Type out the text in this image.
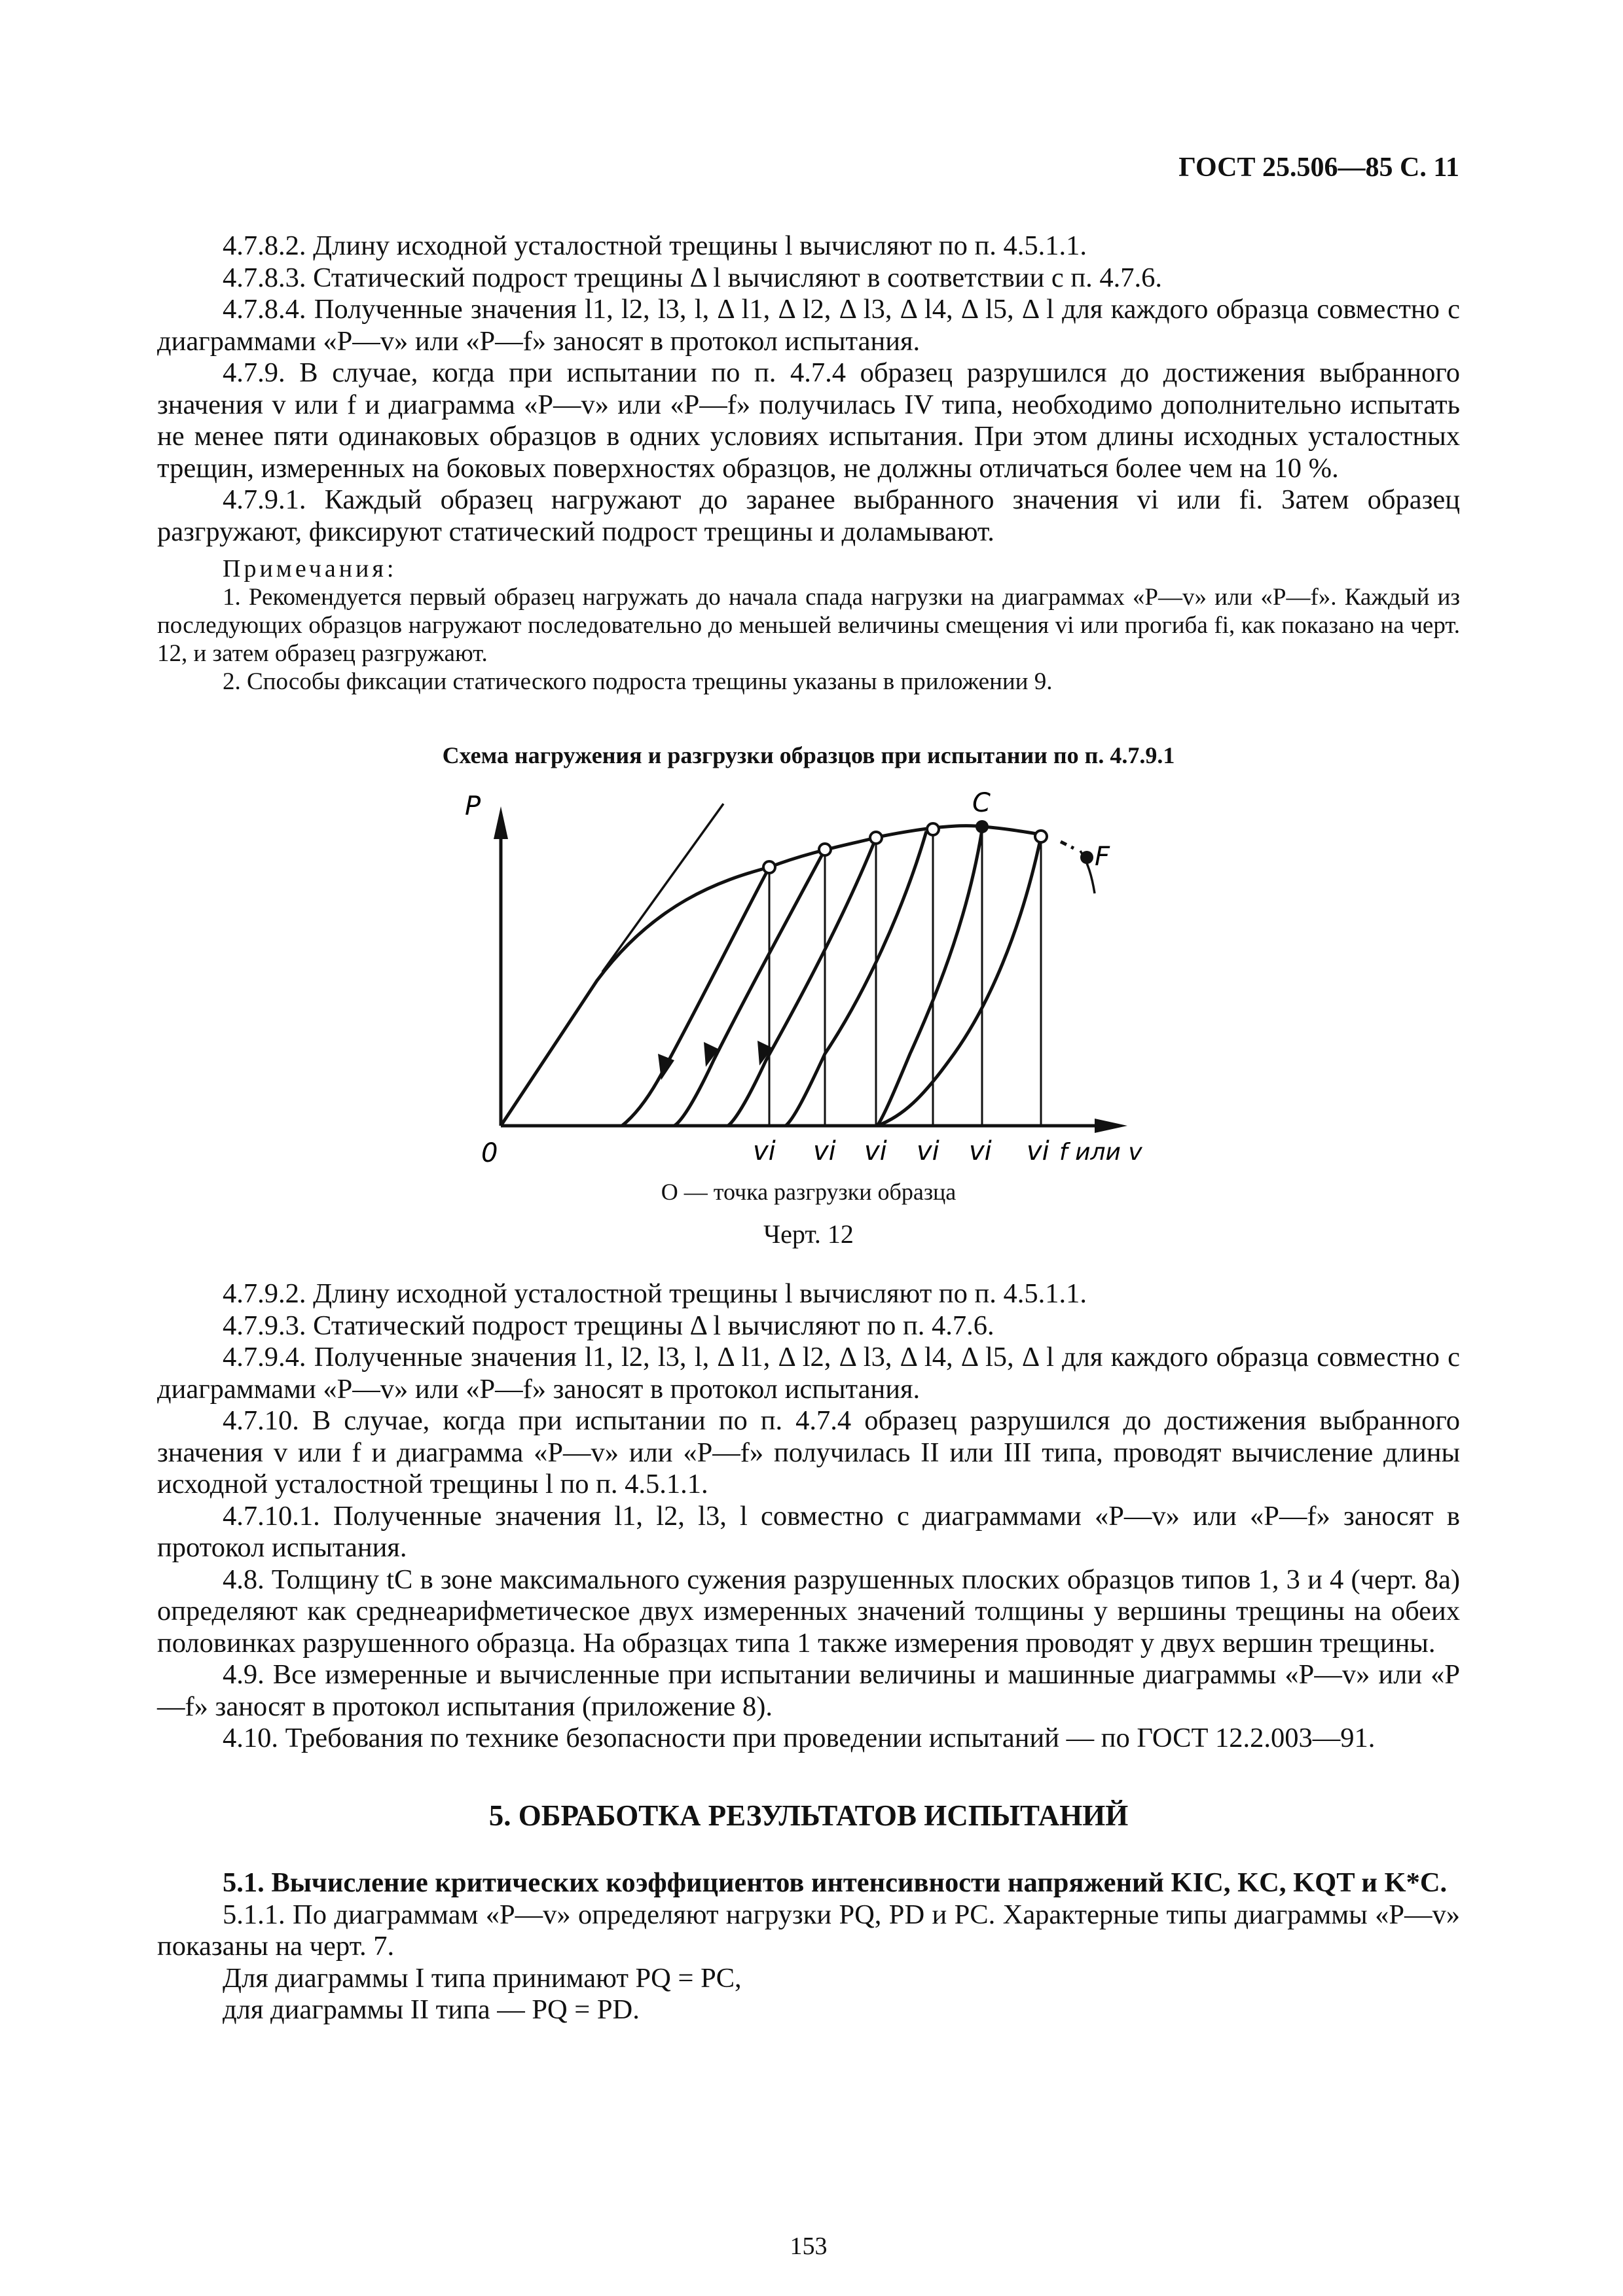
ГОСТ 25.506—85 С. 11

4.7.8.2. Длину исходной усталостной трещины l вычисляют по п. 4.5.1.1.

4.7.8.3. Статический подрост трещины Δ l вычисляют в соответствии с п. 4.7.6.

4.7.8.4. Полученные значения l1, l2, l3, l, Δ l1, Δ l2, Δ l3, Δ l4, Δ l5, Δ l для каждого образца совместно с диаграммами «P—v» или «P—f» заносят в протокол испытания.

4.7.9. В случае, когда при испытании по п. 4.7.4 образец разрушился до достижения выбранного значения v или f и диаграмма «P—v» или «P—f» получилась IV типа, необходимо дополнительно испытать не менее пяти одинаковых образцов в одних условиях испытания. При этом длины исходных усталостных трещин, измеренных на боковых поверхностях образцов, не должны отличаться более чем на 10 %.

4.7.9.1. Каждый образец нагружают до заранее выбранного значения vi или fi. Затем образец разгружают, фиксируют статический подрост трещины и доламывают.

Примечания:

1. Рекомендуется первый образец нагружать до начала спада нагрузки на диаграммах «P—v» или «P—f». Каждый из последующих образцов нагружают последовательно до меньшей величины смещения vi или прогиба fi, как показано на черт. 12, и затем образец разгружают.

2. Способы фиксации статического подроста трещины указаны в приложении 9.

Схема нагружения и разгрузки образцов при испытании по п. 4.7.9.1
P
0
C
F
vi vi vi vi vi vi f или v
О — точка разгрузки образца
Черт. 12

4.7.9.2. Длину исходной усталостной трещины l вычисляют по п. 4.5.1.1.

4.7.9.3. Статический подрост трещины Δ l вычисляют по п. 4.7.6.

4.7.9.4. Полученные значения l1, l2, l3, l, Δ l1, Δ l2, Δ l3, Δ l4, Δ l5, Δ l для каждого образца совместно с диаграммами «P—v» или «P—f» заносят в протокол испытания.

4.7.10. В случае, когда при испытании по п. 4.7.4 образец разрушился до достижения выбранного значения v или f и диаграмма «P—v» или «P—f» получилась II или III типа, проводят вычисление длины исходной усталостной трещины l по п. 4.5.1.1.

4.7.10.1. Полученные значения l1, l2, l3, l совместно с диаграммами «P—v» или «P—f» заносят в протокол испытания.

4.8. Толщину tC в зоне максимального сужения разрушенных плоских образцов типов 1, 3 и 4 (черт. 8а) определяют как среднеарифметическое двух измеренных значений толщины у вершины трещины на обеих половинках разрушенного образца. На образцах типа 1 также измерения проводят у двух вершин трещины.

4.9. Все измеренные и вычисленные при испытании величины и машинные диаграммы «P—v» или «P—f» заносят в протокол испытания (приложение 8).

4.10. Требования по технике безопасности при проведении испытаний — по ГОСТ 12.2.003—91.

5. ОБРАБОТКА РЕЗУЛЬТАТОВ ИСПЫТАНИЙ

5.1. Вычисление критических коэффициентов интенсивности напряжений KIC, KC, KQT и K*C.

5.1.1. По диаграммам «P—v» определяют нагрузки PQ, PD и PC. Характерные типы диаграммы «P—v» показаны на черт. 7.

Для диаграммы I типа принимают PQ = PC,

для диаграммы II типа — PQ = PD.

153
